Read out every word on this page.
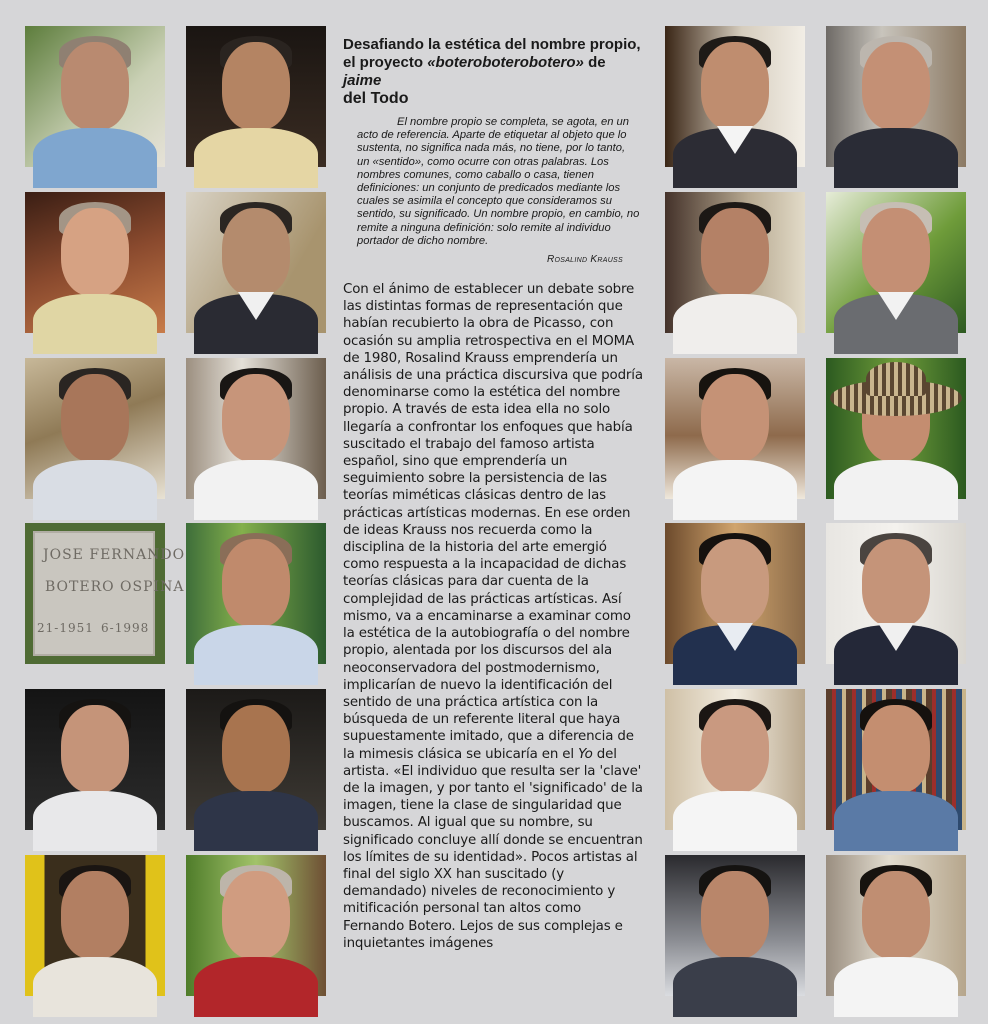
JOSE FERNANDO
BOTERO OSPINA
21-1951 6-1998
Desafiando la estética del nombre propio, el proyecto «boteroboterobotero» de jaime
del Todo

El nombre propio se completa, se agota, en un acto de referencia. Aparte de etiquetar al objeto que lo sustenta, no significa nada más, no tiene, por lo tanto, un «sentido», como ocurre con otras palabras. Los nombres comunes, como caballo o casa, tienen definiciones: un conjunto de predicados mediante los cuales se asimila el concepto que consideramos su sentido, su significado. Un nombre propio, en cambio, no remite a ninguna definición: solo remite al individuo portador de dicho nombre.

Rosalind Krauss

Con el ánimo de establecer un debate sobre las distintas formas de representación que habían recubierto la obra de Picasso, con ocasión su amplia retrospectiva en el MOMA de 1980, Rosalind Krauss emprendería un análisis de una práctica discursiva que podría denominarse como la estética del nombre propio. A través de esta idea ella no solo llegaría a confrontar los enfoques que había suscitado el trabajo del famoso artista español, sino que emprendería un seguimiento sobre la persistencia de las teorías miméticas clásicas dentro de las prácticas artísticas modernas. En ese orden de ideas Krauss nos recuerda como la disciplina de la historia del arte emergió como respuesta a la incapacidad de dichas teorías clásicas para dar cuenta de la complejidad de las prácticas artísticas. Así mismo, va a encaminarse a examinar como la estética de la autobiografía o del nombre propio, alentada por los discursos del ala neoconservadora del postmodernismo, implicarían de nuevo la identificación del sentido de una práctica artística con la búsqueda de un referente literal que haya supuestamente imitado, que a diferencia de la mimesis clásica se ubicaría en el Yo del artista. «El individuo que resulta ser la 'clave' de la imagen, y por tanto el 'significado' de la imagen, tiene la clase de singularidad que buscamos. Al igual que su nombre, su significado concluye allí donde se encuentran los límites de su identidad». Pocos artistas al final del siglo XX han suscitado (y demandado) niveles de reconocimiento y mitificación personal tan altos como Fernando Botero. Lejos de sus complejas e inquietantes imágenes
